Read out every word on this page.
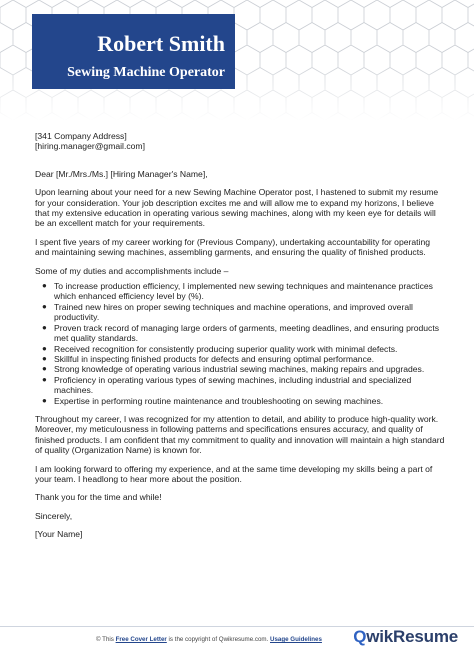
Robert Smith
Sewing Machine Operator

[341 Company Address]
[hiring.manager@gmail.com]

Dear [Mr./Mrs./Ms.] [Hiring Manager's Name],

Upon learning about your need for a new Sewing Machine Operator post, I hastened to submit my resume for your consideration. Your job description excites me and will allow me to expand my horizons, I believe that my extensive education in operating various sewing machines, along with my keen eye for details will be an excellent match for your requirements.

I spent five years of my career working for (Previous Company), undertaking accountability for operating and maintaining sewing machines, assembling garments, and ensuring the quality of finished products.

Some of my duties and accomplishments include –

● To increase production efficiency, I implemented new sewing techniques and maintenance practices which enhanced efficiency level by (%).
● Trained new hires on proper sewing techniques and machine operations, and improved overall productivity.
● Proven track record of managing large orders of garments, meeting deadlines, and ensuring products met quality standards.
● Received recognition for consistently producing superior quality work with minimal defects.
● Skillful in inspecting finished products for defects and ensuring optimal performance.
● Strong knowledge of operating various industrial sewing machines, making repairs and upgrades.
● Proficiency in operating various types of sewing machines, including industrial and specialized machines.
● Expertise in performing routine maintenance and troubleshooting on sewing machines.

Throughout my career, I was recognized for my attention to detail, and ability to produce high-quality work. Moreover, my meticulousness in following patterns and specifications ensures accuracy, and quality of finished products. I am confident that my commitment to quality and innovation will maintain a high standard of quality (Organization Name) is known for.

I am looking forward to offering my experience, and at the same time developing my skills being a part of your team. I headlong to hear more about the position.

Thank you for the time and while!

Sincerely,

[Your Name]

© This Free Cover Letter is the copyright of Qwikresume.com. Usage Guidelines QwikResume
